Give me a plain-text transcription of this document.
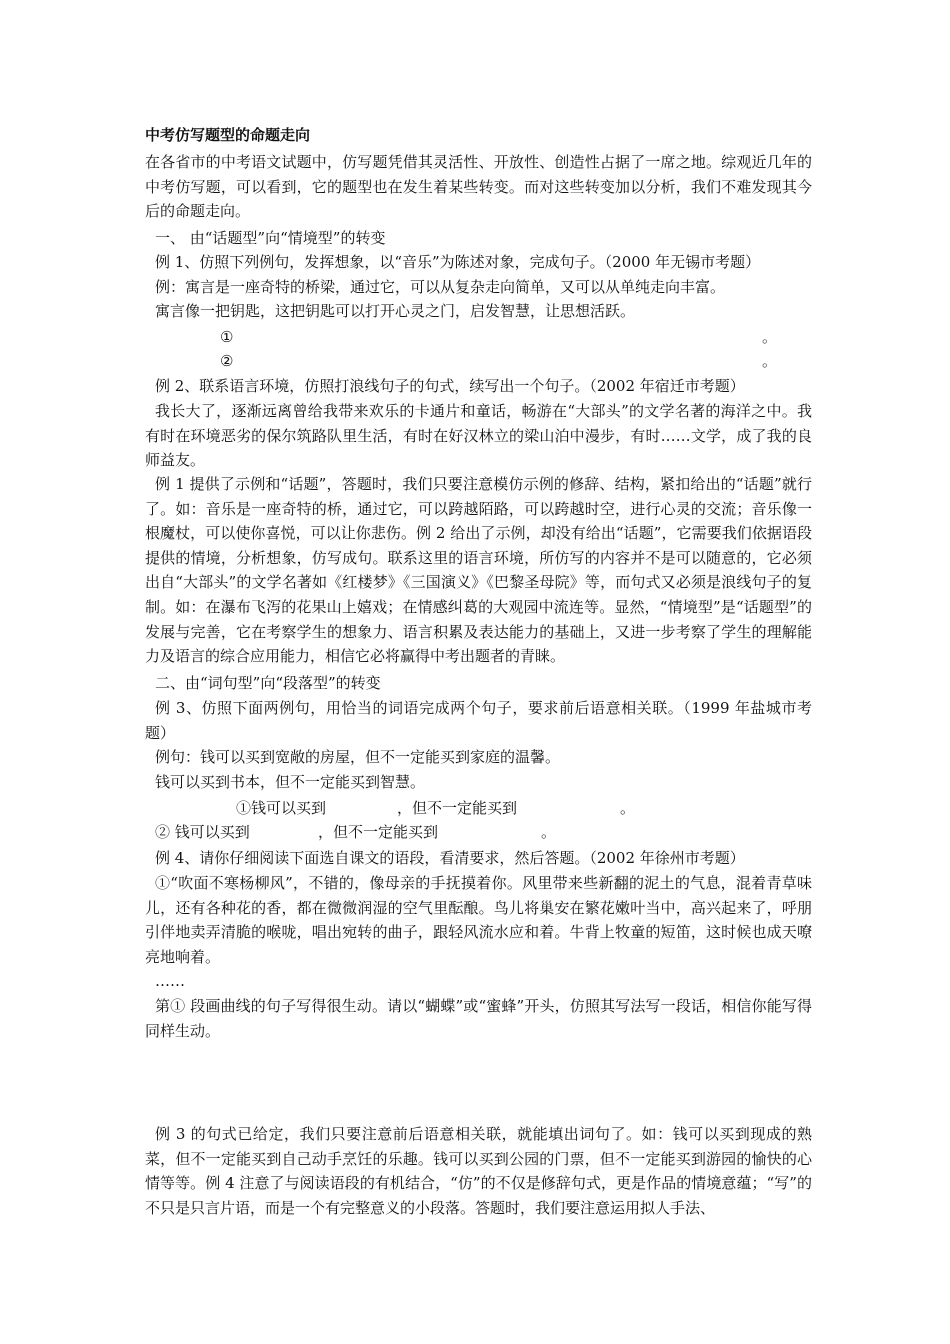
中考仿写题型的命题走向
在各省市的中考语文试题中，仿写题凭借其灵活性、开放性、创造性占据了一席之地。综观近几年的中考仿写题，可以看到，它的题型也在发生着某些转变。而对这些转变加以分析，我们不难发现其今后的命题走向。
一、 由“话题型”向“情境型”的转变
例 1、仿照下列例句，发挥想象，以“音乐”为陈述对象，完成句子。（2000 年无锡市考题）
例：寓言是一座奇特的桥梁，通过它，可以从复杂走向简单，又可以从单纯走向丰富。
寓言像一把钥匙，这把钥匙可以打开心灵之门，启发智慧，让思想活跃。
①	。
②	。
例 2、联系语言环境，仿照打浪线句子的句式，续写出一个句子。（2002 年宿迁市考题）
我长大了，逐渐远离曾给我带来欢乐的卡通片和童话，畅游在“大部头”的文学名著的海洋之中。我有时在环境恶劣的保尔筑路队里生活，有时在好汉林立的梁山泊中漫步，有时……文学，成了我的良师益友。
例 1 提供了示例和“话题”，答题时，我们只要注意模仿示例的修辞、结构，紧扣给出的“话题”就行了。如：音乐是一座奇特的桥，通过它，可以跨越陌路，可以跨越时空，进行心灵的交流；音乐像一根魔杖，可以使你喜悦，可以让你悲伤。例 2 给出了示例，却没有给出“话题”，它需要我们依据语段提供的情境，分析想象，仿写成句。联系这里的语言环境，所仿写的内容并不是可以随意的，它必须出自“大部头”的文学名著如《红楼梦》《三国演义》《巴黎圣母院》等，而句式又必须是浪线句子的复制。如：在瀑布飞泻的花果山上嬉戏；在情感纠葛的大观园中流连等。显然，“情境型”是“话题型”的发展与完善，它在考察学生的想象力、语言积累及表达能力的基础上，又进一步考察了学生的理解能力及语言的综合应用能力，相信它必将赢得中考出题者的青睐。
二、由“词句型”向“段落型”的转变
例 3、仿照下面两例句，用恰当的词语完成两个句子，要求前后语意相关联。（1999 年盐城市考题）
例句：钱可以买到宽敞的房屋，但不一定能买到家庭的温馨。
钱可以买到书本，但不一定能买到智慧。
①钱可以买到	，但不一定能买到	。
② 钱可以买到	，但不一定能买到	。
例 4、请你仔细阅读下面选自课文的语段，看清要求，然后答题。（2002 年徐州市考题）
①“吹面不寒杨柳风”，不错的，像母亲的手抚摸着你。风里带来些新翻的泥土的气息，混着青草味儿，还有各种花的香，都在微微润湿的空气里酝酿。鸟儿将巢安在繁花嫩叶当中，高兴起来了，呼朋引伴地卖弄清脆的喉咙，唱出宛转的曲子，跟轻风流水应和着。牛背上牧童的短笛，这时候也成天嘹亮地响着。
……
第① 段画曲线的句子写得很生动。请以“蝴蝶”或“蜜蜂”开头，仿照其写法写一段话，相信你能写得同样生动。
例 3 的句式已给定，我们只要注意前后语意相关联，就能填出词句了。如：钱可以买到现成的熟菜，但不一定能买到自己动手烹饪的乐趣。钱可以买到公园的门票，但不一定能买到游园的愉快的心情等等。例 4 注意了与阅读语段的有机结合，“仿”的不仅是修辞句式，更是作品的情境意蕴；“写”的不只是只言片语，而是一个有完整意义的小段落。答题时，我们要注意运用拟人手法、
